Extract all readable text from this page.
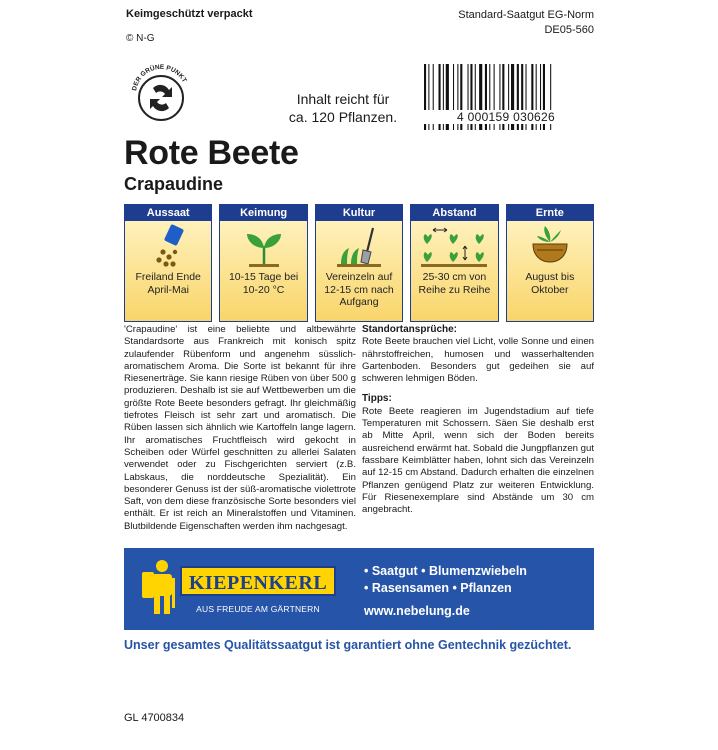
Keimgeschützt verpackt
© N-G
Standard-Saatgut EG-Norm
DE05-560
DER GRÜNE PUNKT
Inhalt reicht für
ca. 120 Pflanzen.	4 000159 030626
Rote Beete
Crapaudine
Aussaat
Freiland Ende April-Mai
Keimung
10-15 Tage bei 10-20 °C
Kultur
Vereinzeln auf 12-15 cm nach Aufgang
Abstand
25-30 cm von Reihe zu Reihe
Ernte
August bis Oktober

'Crapaudine' ist eine beliebte und altbewährte Standardsorte aus Frankreich mit konisch spitz zulaufender Rübenform und angenehm süsslich-aromatischem Aroma. Die Sorte ist bekannt für ihre Riesenerträge. Sie kann riesige Rüben von über 500 g produzieren. Deshalb ist sie auf Wettbewerben um die größte Rote Beete besonders gefragt. Ihr gleichmäßig tiefrotes Fleisch ist sehr zart und aromatisch. Die Rüben lassen sich ähnlich wie Kartoffeln lange lagern. Ihr aromatisches Fruchtfleisch wird gekocht in Scheiben oder Würfel geschnitten zu allerlei Salaten verwendet oder zu Fischgerichten serviert (z.B. Labskaus, die norddeutsche Spezialität). Ein besonderer Genuss ist der süß-aromatische violettrote Saft, von dem diese französische Sorte besonders viel enthält. Er ist reich an Mineralstoffen und Vitaminen. Blutbildende Eigenschaften werden ihm nachgesagt.

Standortansprüche:

Rote Beete brauchen viel Licht, volle Sonne und einen nährstoffreichen, humosen und wasserhaltenden Gartenboden. Besonders gut gedeihen sie auf schweren lehmigen Böden.

Tipps:

Rote Beete reagieren im Jugendstadium auf tiefe Temperaturen mit Schossern. Säen Sie deshalb erst ab Mitte April, wenn sich der Boden bereits ausreichend erwärmt hat. Sobald die Jungpflanzen gut fassbare Keimblätter haben, lohnt sich das Vereinzeln auf 12-15 cm Abstand. Dadurch erhalten die einzelnen Pflanzen genügend Platz zur weiteren Entwicklung. Für Riesenexemplare sind Abstände um 30 cm angebracht.

KIEPENKERL
AUS FREUDE AM GÄRTNERN
• Saatgut • Blumenzwiebeln
• Rasensamen • Pflanzen
www.nebelung.de
Unser gesamtes Qualitätssaatgut ist garantiert ohne Gentechnik gezüchtet.
GL 4700834
